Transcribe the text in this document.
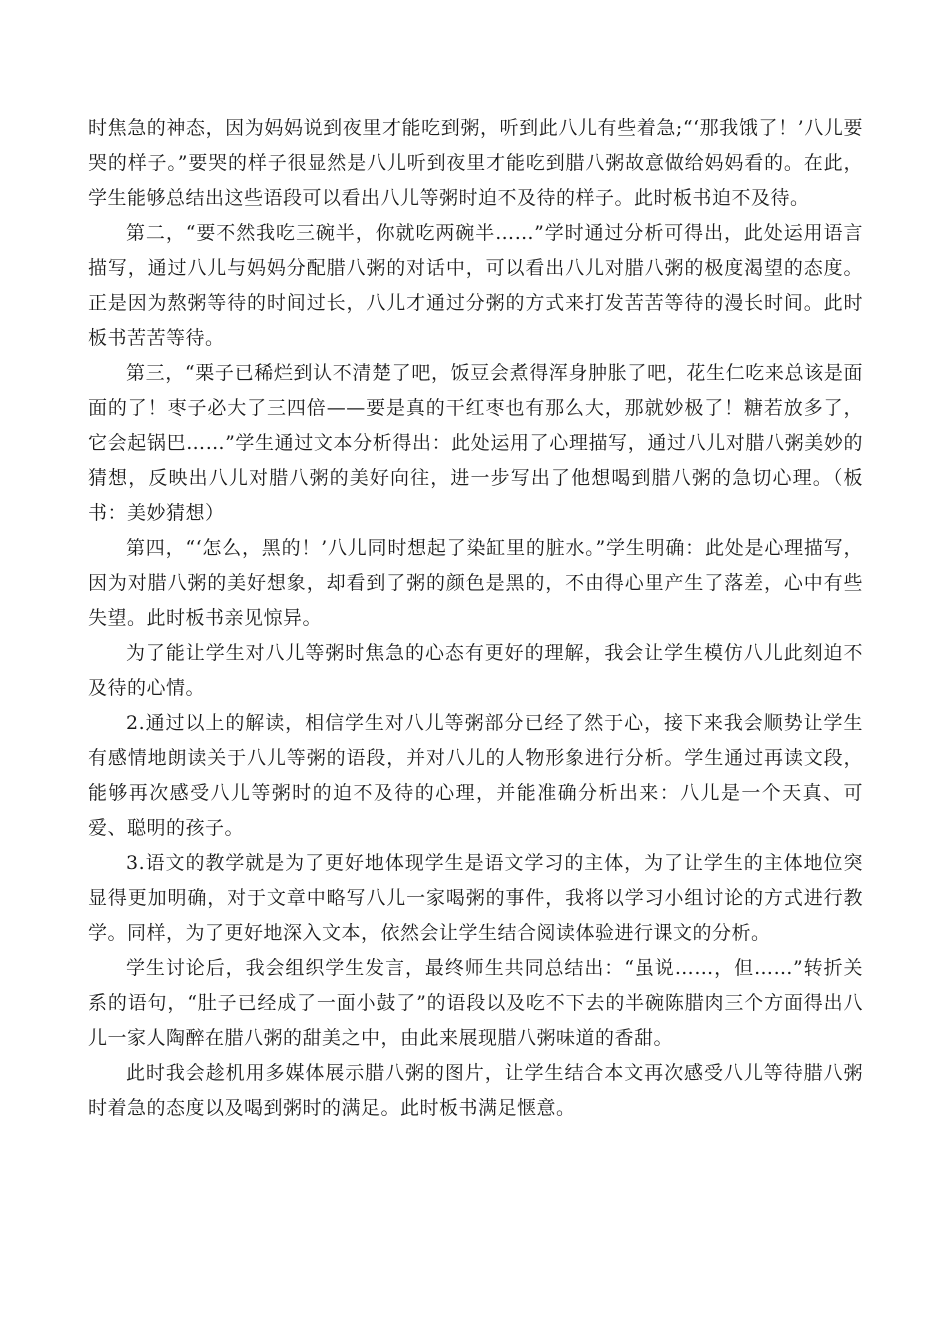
时焦急的神态，因为妈妈说到夜里才能吃到粥，听到此八儿有些着急;“‘那我饿了！’八儿要哭的样子。”要哭的样子很显然是八儿听到夜里才能吃到腊八粥故意做给妈妈看的。在此，学生能够总结出这些语段可以看出八儿等粥时迫不及待的样子。此时板书迫不及待。

第二，“要不然我吃三碗半，你就吃两碗半……”学时通过分析可得出，此处运用语言描写，通过八儿与妈妈分配腊八粥的对话中，可以看出八儿对腊八粥的极度渴望的态度。正是因为熬粥等待的时间过长，八儿才通过分粥的方式来打发苦苦等待的漫长时间。此时板书苦苦等待。

第三，“栗子已稀烂到认不清楚了吧，饭豆会煮得浑身肿胀了吧，花生仁吃来总该是面面的了！枣子必大了三四倍——要是真的干红枣也有那么大，那就妙极了！糖若放多了，它会起锅巴……”学生通过文本分析得出：此处运用了心理描写，通过八儿对腊八粥美妙的猜想，反映出八儿对腊八粥的美好向往，进一步写出了他想喝到腊八粥的急切心理。（板书：美妙猜想）

第四，“‘怎么，黑的！’八儿同时想起了染缸里的脏水。”学生明确：此处是心理描写，因为对腊八粥的美好想象，却看到了粥的颜色是黑的，不由得心里产生了落差，心中有些失望。此时板书亲见惊异。

为了能让学生对八儿等粥时焦急的心态有更好的理解，我会让学生模仿八儿此刻迫不及待的心情。

2.通过以上的解读，相信学生对八儿等粥部分已经了然于心，接下来我会顺势让学生有感情地朗读关于八儿等粥的语段，并对八儿的人物形象进行分析。学生通过再读文段，能够再次感受八儿等粥时的迫不及待的心理，并能准确分析出来：八儿是一个天真、可爱、聪明的孩子。

3.语文的教学就是为了更好地体现学生是语文学习的主体，为了让学生的主体地位突显得更加明确，对于文章中略写八儿一家喝粥的事件，我将以学习小组讨论的方式进行教学。同样，为了更好地深入文本，依然会让学生结合阅读体验进行课文的分析。

学生讨论后，我会组织学生发言，最终师生共同总结出：“虽说……，但……”转折关系的语句，“肚子已经成了一面小鼓了”的语段以及吃不下去的半碗陈腊肉三个方面得出八儿一家人陶醉在腊八粥的甜美之中，由此来展现腊八粥味道的香甜。

此时我会趁机用多媒体展示腊八粥的图片，让学生结合本文再次感受八儿等待腊八粥时着急的态度以及喝到粥时的满足。此时板书满足惬意。
